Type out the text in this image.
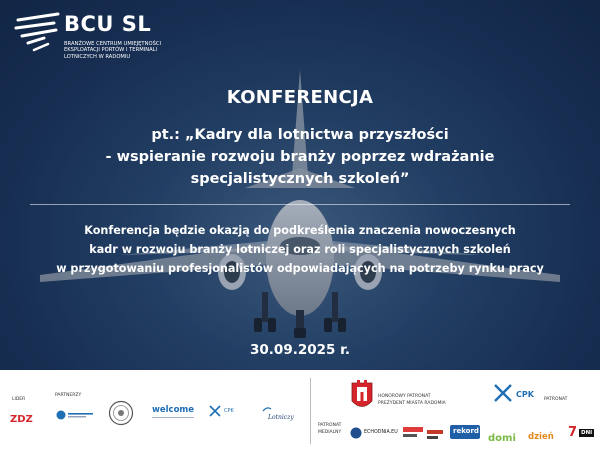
BCU SL
BRANŻOWE CENTRUM UMIEJĘTNOŚCI EKSPLOATACJI PORTÓW I TERMINALI LOTNICZYCH W RADOMIU
KONFERENCJA
pt.: „Kadry dla lotnictwa przyszłości
- wspieranie rozwoju branży poprzez wdrażanie
specjalistycznych szkoleń”
Konferencja będzie okazją do podkreślenia znaczenia nowoczesnych
kadr w rozwoju branży lotniczej oraz roli specjalistycznych szkoleń
w przygotowaniu profesjonalistów odpowiadających na potrzeby rynku pracy
30.09.2025 r.
LIDER
PARTNERZY
ZDZ
welcome	CPK
Lotniczy
HONOROWY PATRONAT
PREZYDENT MIASTA RADOMIA
CPK
PATRONAT
PATRONAT
MEDIALNY	ECHODNIA.EU	rekord
domi	dzień	7 DNI
